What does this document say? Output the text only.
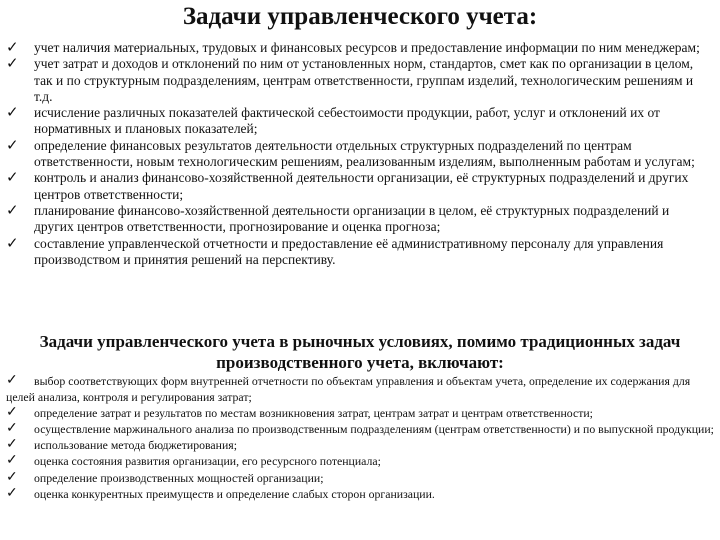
Задачи управленческого учета:
✓	учет наличия материальных, трудовых и финансовых ресурсов и предоставление информации по ним менеджерам;
✓	учет затрат и доходов и отклонений по ним от установленных норм, стандартов, смет как по организации в целом, так и по структурным подразделениям, центрам ответственности, группам изделий, технологическим решениям и т.д.
✓	исчисление различных показателей фактической себестоимости продукции, работ, услуг и отклонений их от нормативных и плановых показателей;
✓	определение финансовых результатов деятельности отдельных структурных подразделений по центрам ответственности, новым технологическим решениям, реализованным изделиям, выполненным работам и услугам;
✓	контроль и анализ финансово-хозяйственной деятельности организации, её структурных подразделений и других центров ответственности;
✓	планирование финансово-хозяйственной деятельности организации в целом, её структурных подразделений и других центров ответственности, прогнозирование и оценка прогноза;
✓	составление управленческой отчетности и предоставление её административному персоналу для управления производством и принятия решений на перспективу.
Задачи управленческого учета в рыночных условиях, помимо традиционных задач производственного учета, включают:
✓	выбор соответствующих форм внутренней отчетности по объектам управления и объектам учета, определение их содержания для целей анализа, контроля и регулирования затрат;
✓	определение затрат и результатов по местам возникновения затрат, центрам затрат и центрам ответственности;
✓	осуществление маржинального анализа по производственным подразделениям (центрам ответственности) и по выпускной продукции;
✓	использование метода бюджетирования;
✓	оценка состояния развития организации, его ресурсного потенциала;
✓	определение производственных мощностей организации;
✓	оценка конкурентных преимуществ и определение слабых сторон организации.
